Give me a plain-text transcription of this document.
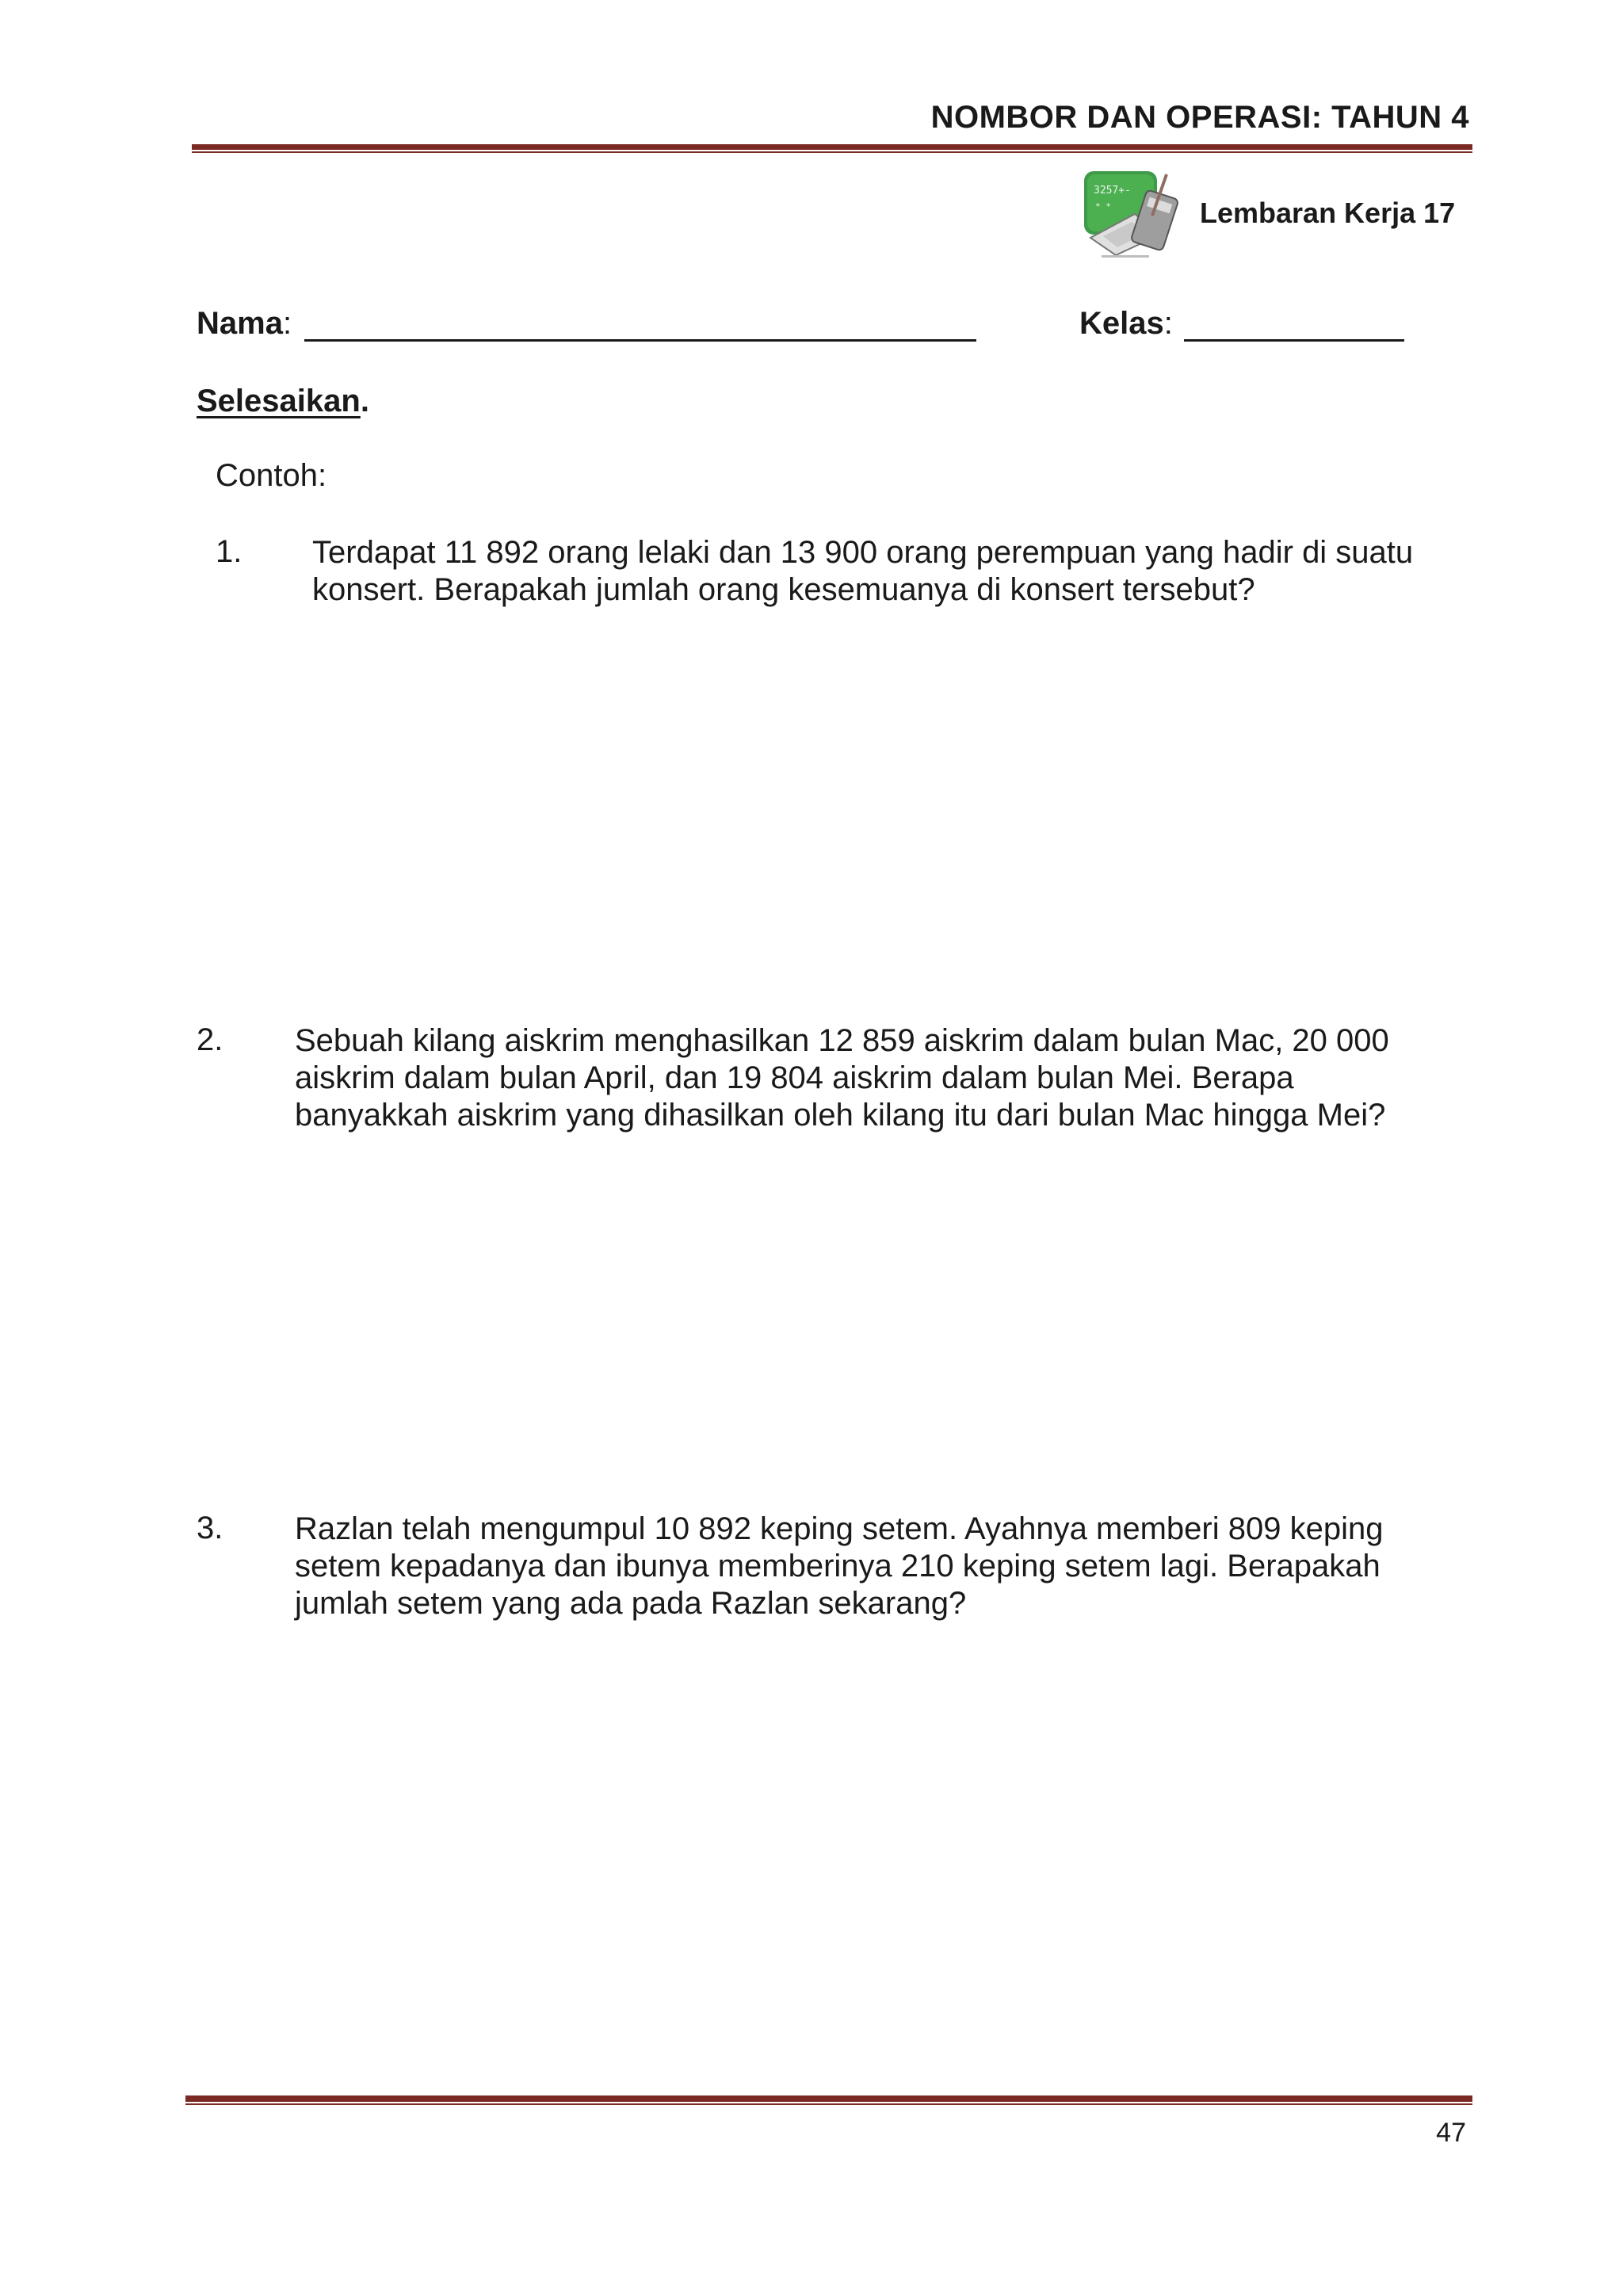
NOMBOR DAN OPERASI: TAHUN 4
3257+-
* *	Lembaran Kerja 17
Nama:	Kelas:
Selesaikan.
Contoh:
1. Terdapat 11 892 orang lelaki dan 13 900 orang perempuan yang hadir di suatu
konsert. Berapakah jumlah orang kesemuanya di konsert tersebut?
2. Sebuah kilang aiskrim menghasilkan 12 859 aiskrim dalam bulan Mac, 20 000
aiskrim dalam bulan April, dan 19 804 aiskrim dalam bulan Mei. Berapa
banyakkah aiskrim yang dihasilkan oleh kilang itu dari bulan Mac hingga Mei?
3. Razlan telah mengumpul 10 892 keping setem. Ayahnya memberi 809 keping
setem kepadanya dan ibunya memberinya 210 keping setem lagi. Berapakah
jumlah setem yang ada pada Razlan sekarang?
47
